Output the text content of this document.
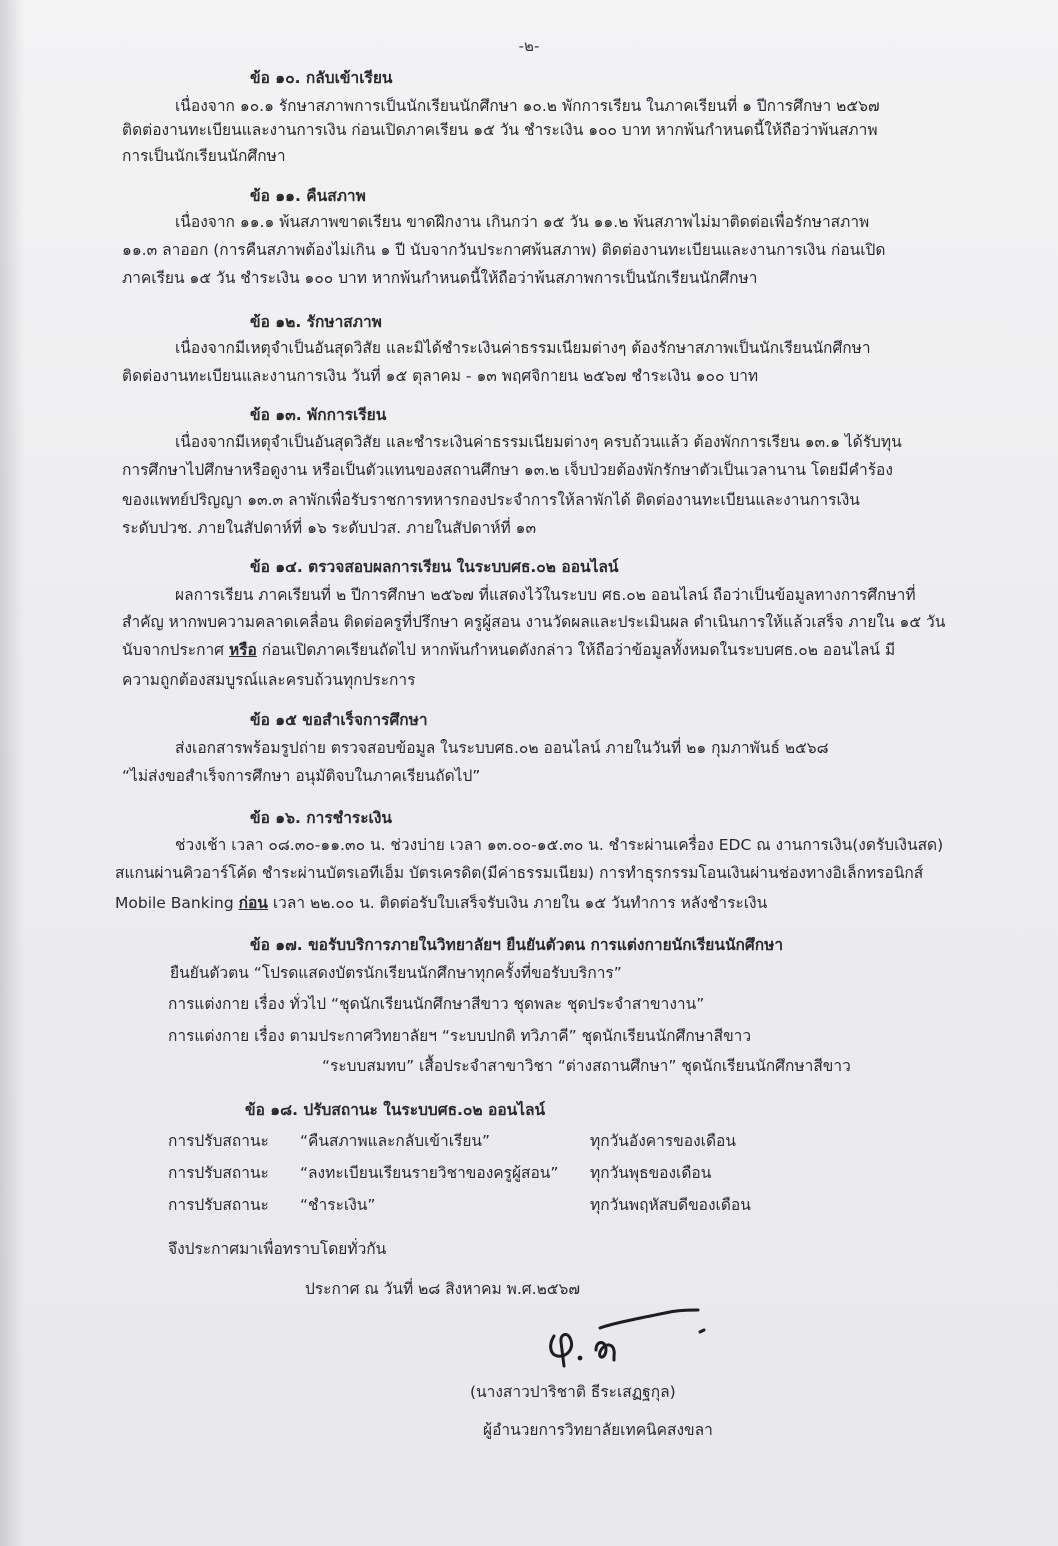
-๒-
ข้อ ๑๐. กลับเข้าเรียน
เนื่องจาก ๑๐.๑ รักษาสภาพการเป็นนักเรียนนักศึกษา ๑๐.๒ พักการเรียน ในภาคเรียนที่ ๑ ปีการศึกษา ๒๕๖๗
ติดต่องานทะเบียนและงานการเงิน ก่อนเปิดภาคเรียน ๑๕ วัน ชำระเงิน ๑๐๐ บาท หากพ้นกำหนดนี้ให้ถือว่าพ้นสภาพ
การเป็นนักเรียนนักศึกษา
ข้อ ๑๑. คืนสภาพ
เนื่องจาก ๑๑.๑ พ้นสภาพขาดเรียน ขาดฝึกงาน เกินกว่า ๑๕ วัน ๑๑.๒ พ้นสภาพไม่มาติดต่อเพื่อรักษาสภาพ
๑๑.๓ ลาออก (การคืนสภาพต้องไม่เกิน ๑ ปี นับจากวันประกาศพ้นสภาพ) ติดต่องานทะเบียนและงานการเงิน ก่อนเปิด
ภาคเรียน ๑๕ วัน ชำระเงิน ๑๐๐ บาท หากพ้นกำหนดนี้ให้ถือว่าพ้นสภาพการเป็นนักเรียนนักศึกษา
ข้อ ๑๒. รักษาสภาพ
เนื่องจากมีเหตุจำเป็นอันสุดวิสัย และมิได้ชำระเงินค่าธรรมเนียมต่างๆ ต้องรักษาสภาพเป็นนักเรียนนักศึกษา
ติดต่องานทะเบียนและงานการเงิน วันที่ ๑๕ ตุลาคม - ๑๓ พฤศจิกายน ๒๕๖๗ ชำระเงิน ๑๐๐ บาท
ข้อ ๑๓. พักการเรียน
เนื่องจากมีเหตุจำเป็นอันสุดวิสัย และชำระเงินค่าธรรมเนียมต่างๆ ครบถ้วนแล้ว ต้องพักการเรียน ๑๓.๑ ได้รับทุน
การศึกษาไปศึกษาหรือดูงาน หรือเป็นตัวแทนของสถานศึกษา ๑๓.๒ เจ็บป่วยต้องพักรักษาตัวเป็นเวลานาน โดยมีคำร้อง
ของแพทย์ปริญญา ๑๓.๓ ลาพักเพื่อรับราชการทหารกองประจำการให้ลาพักได้ ติดต่องานทะเบียนและงานการเงิน
ระดับปวช. ภายในสัปดาห์ที่ ๑๖ ระดับปวส. ภายในสัปดาห์ที่ ๑๓
ข้อ ๑๔. ตรวจสอบผลการเรียน ในระบบศธ.๐๒ ออนไลน์
ผลการเรียน ภาคเรียนที่ ๒ ปีการศึกษา ๒๕๖๗ ที่แสดงไว้ในระบบ ศธ.๐๒ ออนไลน์ ถือว่าเป็นข้อมูลทางการศึกษาที่
สำคัญ หากพบความคลาดเคลื่อน ติดต่อครูที่ปรึกษา ครูผู้สอน งานวัดผลและประเมินผล ดำเนินการให้แล้วเสร็จ ภายใน ๑๕ วัน
นับจากประกาศ หรือ ก่อนเปิดภาคเรียนถัดไป หากพ้นกำหนดดังกล่าว ให้ถือว่าข้อมูลทั้งหมดในระบบศธ.๐๒ ออนไลน์ มี
ความถูกต้องสมบูรณ์และครบถ้วนทุกประการ
ข้อ ๑๕ ขอสำเร็จการศึกษา
ส่งเอกสารพร้อมรูปถ่าย ตรวจสอบข้อมูล ในระบบศธ.๐๒ ออนไลน์ ภายในวันที่ ๒๑ กุมภาพันธ์ ๒๕๖๘
“ไม่ส่งขอสำเร็จการศึกษา อนุมัติจบในภาคเรียนถัดไป”
ข้อ ๑๖. การชำระเงิน
ช่วงเช้า เวลา ๐๘.๓๐-๑๑.๓๐ น. ช่วงบ่าย เวลา ๑๓.๐๐-๑๕.๓๐ น. ชำระผ่านเครื่อง EDC ณ งานการเงิน(งดรับเงินสด)
สแกนผ่านคิวอาร์โค้ด ชำระผ่านบัตรเอทีเอ็ม บัตรเครดิต(มีค่าธรรมเนียม) การทำธุรกรรมโอนเงินผ่านช่องทางอิเล็กทรอนิกส์
Mobile Banking ก่อน เวลา ๒๒.๐๐ น. ติดต่อรับใบเสร็จรับเงิน ภายใน ๑๕ วันทำการ หลังชำระเงิน
ข้อ ๑๗. ขอรับบริการภายในวิทยาลัยฯ ยืนยันตัวตน การแต่งกายนักเรียนนักศึกษา
ยืนยันตัวตน “โปรดแสดงบัตรนักเรียนนักศึกษาทุกครั้งที่ขอรับบริการ”
การแต่งกาย เรื่อง ทั่วไป “ชุดนักเรียนนักศึกษาสีขาว ชุดพละ ชุดประจำสาขางาน”
การแต่งกาย เรื่อง ตามประกาศวิทยาลัยฯ “ระบบปกติ ทวิภาคี” ชุดนักเรียนนักศึกษาสีขาว
“ระบบสมทบ” เสื้อประจำสาขาวิชา “ต่างสถานศึกษา” ชุดนักเรียนนักศึกษาสีขาว
ข้อ ๑๘. ปรับสถานะ ในระบบศธ.๐๒ ออนไลน์
การปรับสถานะ “คืนสภาพและกลับเข้าเรียน”	ทุกวันอังคารของเดือน
การปรับสถานะ “ลงทะเบียนเรียนรายวิชาของครูผู้สอน” ทุกวันพุธของเดือน
การปรับสถานะ “ชำระเงิน”	ทุกวันพฤหัสบดีของเดือน
จึงประกาศมาเพื่อทราบโดยทั่วกัน
ประกาศ ณ วันที่ ๒๘ สิงหาคม พ.ศ.๒๕๖๗
(นางสาวปาริชาติ ธีระเสฏฐกุล)
ผู้อำนวยการวิทยาลัยเทคนิคสงขลา
